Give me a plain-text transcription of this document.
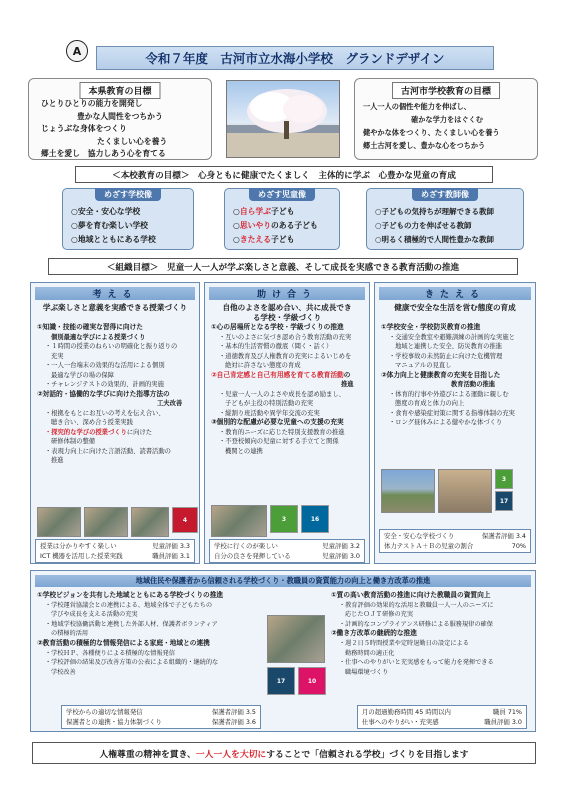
A	令和７年度　古河市立水海小学校　グランドデザイン
本県教育の目標
ひとりひとりの能力を開発し
豊かな人間性をつちかう
じょうぶな身体をつくり
たくましい心を養う
郷土を愛し　協力しあう心を育てる
古河市学校教育の目標
一人一人の個性や能力を伸ばし、
確かな学力をはぐくむ
健やかな体をつくり、たくましい心を養う
郷土古河を愛し、豊かな心をつちかう
＜本校教育の目標＞　心身ともに健康でたくましく　主体的に学ぶ　心豊かな児童の育成
めざす学校像
○安全・安心な学校
○夢を育む楽しい学校
○地域とともにある学校
めざす児童像
○自ら学ぶ子ども
○思いやりのある子ども
○きたえる子ども
めざす教師像
○子どもの気持ちが理解できる教師
○子どもの力を伸ばせる教師
○明るく積極的で人間性豊かな教師
＜組織目標＞　児童一人一人が学ぶ楽しさと意義、そして成長を実感できる教育活動の推進
考える
学ぶ楽しさと意義を実感できる授業づくり
①知識・技能の確実な習得に向けた
個別最適な学びによる授業づくり
・１時間の授業のねらいの明確化と振り返りの
充実
・一人一台端末の効果的な活用による個別
最適な学びの場の保障
・チャレンジテストの効果的、計画的実施
②対話的・協働的な学びに向けた指導方法の
工夫改善
・根拠をもとにお互いの考えを伝え合い、
聴き合い、深め合う授業実践
・探究的な学びの授業づくりに向けた
研修体制の整備
・表現力向上に向けた言語活動、読書活動の
推進
4
授業は分かりやすく楽しい	児童評価 3.3
ICT 機器を活用した授業実践	職員評価 3.1
助け合う
自他のよさを認め合い、共に成長できる学校・学級づくり
①心の居場所となる学校・学級づくりの推進
・互いのよさに気づき認め合う教育活動の充実
・基本的生活習慣の徹底（聞く・話く）
・道徳教育及び人権教育の充実によるいじめを
絶対に許さない態度の育成
②自己肯定感と自己有用感を育てる教育活動の
推進
・児童一人一人のよさや成長を認め励まし、
子どもが主役の特別活動の充実
・縦割り班活動や異学年交流の充実
③個別的な配慮が必要な児童への支援の充実
・教育的ニーズに応じた特別支援教育の推進
・不登校傾向の児童に対する手立てと関係
機関との連携
3	16
学校に行くのが楽しい	児童評価 3.2
自分の良さを発揮している	児童評価 3.0
きたえる
健康で安全な生活を営む態度の育成
①学校安全・学校防災教育の推進
・交通安全教室や避難訓練の計画的な実施と
地域と連携した安全、防災教育の推進
・学校事故の未然防止に向けた危機管理
マニュアルの見直し
②体力向上と健康教育の充実を目指した
教育活動の推進
・体育的行事や外遊びによる運動に親しむ
態度の育成と体力の向上
・食育や感染症対策に関する指導体制の充実
・ロング昼休みによる健やかな体づくり
3
17
安全・安心な学校づくり	保護者評価 3.4
体力テストＡ＋Ｂの児童の割合	70%
地域住民や保護者から信頼される学校づくり・教職員の資質能力の向上と働き方改革の推進
①学校ビジョンを共有した地域とともにある学校づくりの推進
・学校運営協議会との連携による、地域全体で子どもたちの
学びや成長を支える活動の充実
・地域学校協働活動と連携した外部人材、保護者ボランティア
の積極的活用
②教育活動の積極的な情報発信による家庭・地域との連携
・学校ＨＰ、各種便りによる積極的な情報発信
・学校評価の結果及び改善方策の公表による組織的・継続的な
学校改善
17	10
①質の高い教育活動の推進に向けた教職員の資質向上
・教育評価の効果的な活用と教職員一人一人のニーズに
応じたＯＪＴ研修の充実
・計画的なコンプライアンス研修による服務規律の確保
②働き方改革の継続的な推進
・週２日５時間授業や定時退勤日の設定による
勤務時間の適正化
・仕事へのやりがいと充実感をもって能力を発揮できる
職場環境づくり
学校からの適切な情報発信	保護者評価 3.5
保護者との連携・協力体制づくり	保護者評価 3.6
月の超過勤務時間 45 時間以内	職員 71%
仕事へのやりがい・充実感	職員評価 3.0
人権尊重の精神を貫き、 一人一人を大切に することで「信頼される学校」づくりを目指します
